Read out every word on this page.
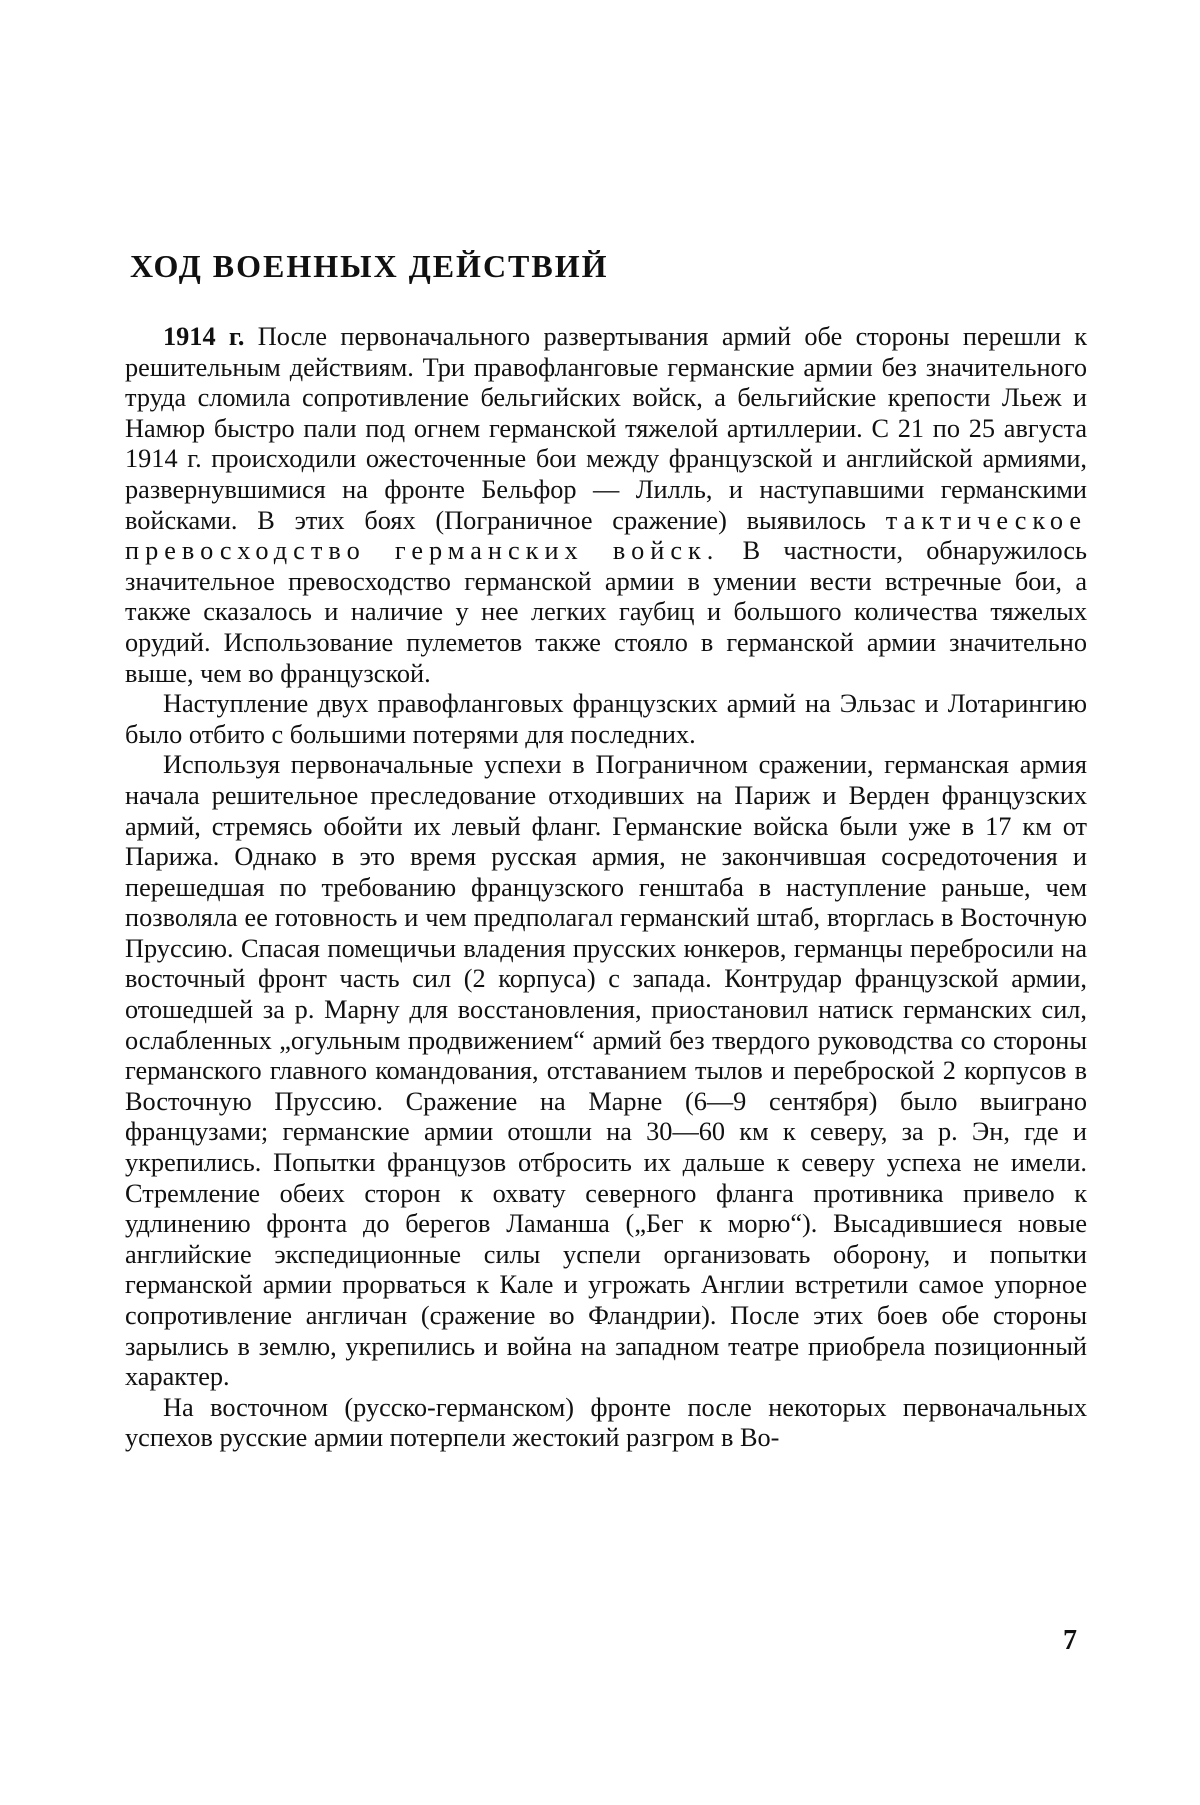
ХОД ВОЕННЫХ ДЕЙСТВИЙ

1914 г. После первоначального развертывания армий обе стороны перешли к решительным действиям. Три правофланговые германские армии без значительного труда сломила сопротивление бельгийских войск, а бельгийские крепости Льеж и Намюр быстро пали под огнем германской тяжелой артиллерии. С 21 по 25 августа 1914 г. происходили ожесточенные бои между французской и английской армиями, развернувшимися на фронте Бельфор — Лилль, и наступавшими германскими войсками. В этих боях (Пограничное сражение) выявилось тактическое превосходство германских войск. В частности, обнаружилось значительное превосходство германской армии в умении вести встречные бои, а также сказалось и наличие у нее легких гаубиц и большого количества тяжелых орудий. Использование пулеметов также стояло в германской армии значительно выше, чем во французской.

Наступление двух правофланговых французских армий на Эльзас и Лотарингию было отбито с большими потерями для последних.

Используя первоначальные успехи в Пограничном сражении, германская армия начала решительное преследование отходивших на Париж и Верден французских армий, стремясь обойти их левый фланг. Германские войска были уже в 17 км от Парижа. Однако в это время русская армия, не закончившая сосредоточения и перешедшая по требованию французского генштаба в наступление раньше, чем позволяла ее готовность и чем предполагал германский штаб, вторглась в Восточную Пруссию. Спасая помещичьи владения прусских юнкеров, германцы перебросили на восточный фронт часть сил (2 корпуса) с запада. Контрудар французской армии, отошедшей за р. Марну для восстановления, приостановил натиск германских сил, ослабленных „огульным продвижением“ армий без твердого руководства со стороны германского главного командования, отставанием тылов и переброской 2 корпусов в Восточную Пруссию. Сражение на Марне (6—9 сентября) было выиграно французами; германские армии отошли на 30—60 км к северу, за р. Эн, где и укрепились. Попытки французов отбросить их дальше к северу успеха не имели. Стремление обеих сторон к охвату северного фланга противника привело к удлинению фронта до берегов Ламанша („Бег к морю“). Высадившиеся новые английские экспедиционные силы успели организовать оборону, и попытки германской армии прорваться к Кале и угрожать Англии встретили самое упорное сопротивление англичан (сражение во Фландрии). После этих боев обе стороны зарылись в землю, укрепились и война на западном театре приобрела позиционный характер.

На восточном (русско-германском) фронте после некоторых первоначальных успехов русские армии потерпели жестокий разгром в Во-

7
